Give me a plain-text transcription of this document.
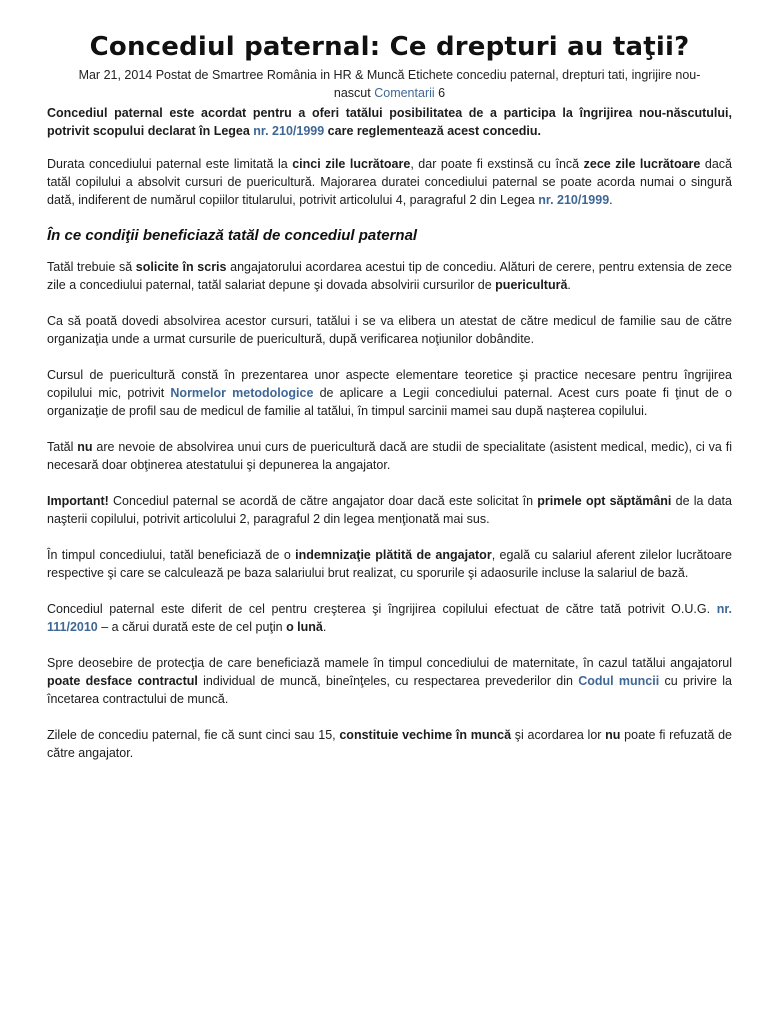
Concediul paternal: Ce drepturi au taţii?
Mar 21, 2014 Postat de Smartree România in HR & Muncă Etichete concediu paternal, drepturi tati, ingrijire nou-
nascut Comentarii 6

Concediul paternal este acordat pentru a oferi tatălui posibilitatea de a participa la îngrijirea nou-născutului, potrivit scopului declarat în Legea nr. 210/1999 care reglementează acest concediu.

Durata concediului paternal este limitată la cinci zile lucrătoare, dar poate fi exstinsă cu încă zece zile lucrătoare dacă tatăl copilului a absolvit cursuri de puericultură. Majorarea duratei concediului paternal se poate acorda numai o singură dată, indiferent de numărul copiilor titularului, potrivit articolului 4, paragraful 2 din Legea nr. 210/1999.

În ce condiţii beneficiază tatăl de concediul paternal

Tatăl trebuie să solicite în scris angajatorului acordarea acestui tip de concediu. Alături de cerere, pentru extensia de zece zile a concediului paternal, tatăl salariat depune şi dovada absolvirii cursurilor de puericultură.

Ca să poată dovedi absolvirea acestor cursuri, tatălui i se va elibera un atestat de către medicul de familie sau de către organizaţia unde a urmat cursurile de puericultură, după verificarea noţiunilor dobândite.

Cursul de puericultură constă în prezentarea unor aspecte elementare teoretice şi practice necesare pentru îngrijirea copilului mic, potrivit Normelor metodologice de aplicare a Legii concediului paternal. Acest curs poate fi ţinut de o organizaţie de profil sau de medicul de familie al tatălui, în timpul sarcinii mamei sau după naşterea copilului.

Tatăl nu are nevoie de absolvirea unui curs de puericultură dacă are studii de specialitate (asistent medical, medic), ci va fi necesară doar obţinerea atestatului şi depunerea la angajator.

Important! Concediul paternal se acordă de către angajator doar dacă este solicitat în primele opt săptămâni de la data naşterii copilului, potrivit articolului 2, paragraful 2 din legea menţionată mai sus.

În timpul concediului, tatăl beneficiază de o indemnizaţie plătită de angajator, egală cu salariul aferent zilelor lucrătoare respective şi care se calculează pe baza salariului brut realizat, cu sporurile şi adaosurile incluse la salariul de bază.

Concediul paternal este diferit de cel pentru creşterea şi îngrijirea copilului efectuat de către tată potrivit O.U.G. nr. 111/2010 – a cărui durată este de cel puţin o lună.

Spre deosebire de protecţia de care beneficiază mamele în timpul concediului de maternitate, în cazul tatălui angajatorul poate desface contractul individual de muncă, bineînţeles, cu respectarea prevederilor din Codul muncii cu privire la încetarea contractului de muncă.

Zilele de concediu paternal, fie că sunt cinci sau 15, constituie vechime în muncă şi acordarea lor nu poate fi refuzată de către angajator.
